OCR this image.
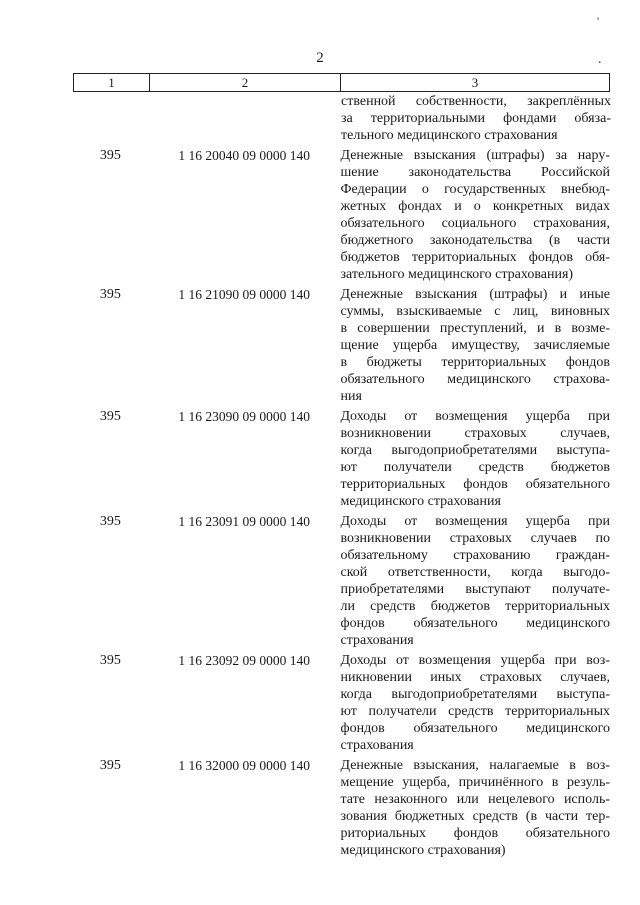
'
2	.
1	2	3
ственной собственности, закреплённых
за территориальными фондами обяза-
тельного медицинского страхования
395	1 16 20040 09 0000 140	Денежные взыскания (штрафы) за нару-
шение законодательства Российской
Федерации о государственных внебюд-
жетных фондах и о конкретных видах
обязательного социального страхования,
бюджетного законодательства (в части
бюджетов территориальных фондов обя-
зательного медицинского страхования)
395	1 16 21090 09 0000 140	Денежные взыскания (штрафы) и иные
суммы, взыскиваемые с лиц, виновных
в совершении преступлений, и в возме-
щение ущерба имуществу, зачисляемые
в бюджеты территориальных фондов
обязательного медицинского страхова-
ния
395	1 16 23090 09 0000 140	Доходы от возмещения ущерба при
возникновении страховых случаев,
когда выгодоприобретателями выступа-
ют получатели средств бюджетов
территориальных фондов обязательного
медицинского страхования
395	1 16 23091 09 0000 140	Доходы от возмещения ущерба при
возникновении страховых случаев по
обязательному страхованию граждан-
ской ответственности, когда выгодо-
приобретателями выступают получате-
ли средств бюджетов территориальных
фондов обязательного медицинского
страхования
395	1 16 23092 09 0000 140	Доходы от возмещения ущерба при воз-
никновении иных страховых случаев,
когда выгодоприобретателями выступа-
ют получатели средств территориальных
фондов обязательного медицинского
страхования
395	1 16 32000 09 0000 140	Денежные взыскания, налагаемые в воз-
мещение ущерба, причинённого в резуль-
тате незаконного или нецелевого исполь-
зования бюджетных средств (в части тер-
риториальных фондов обязательного
медицинского страхования)
